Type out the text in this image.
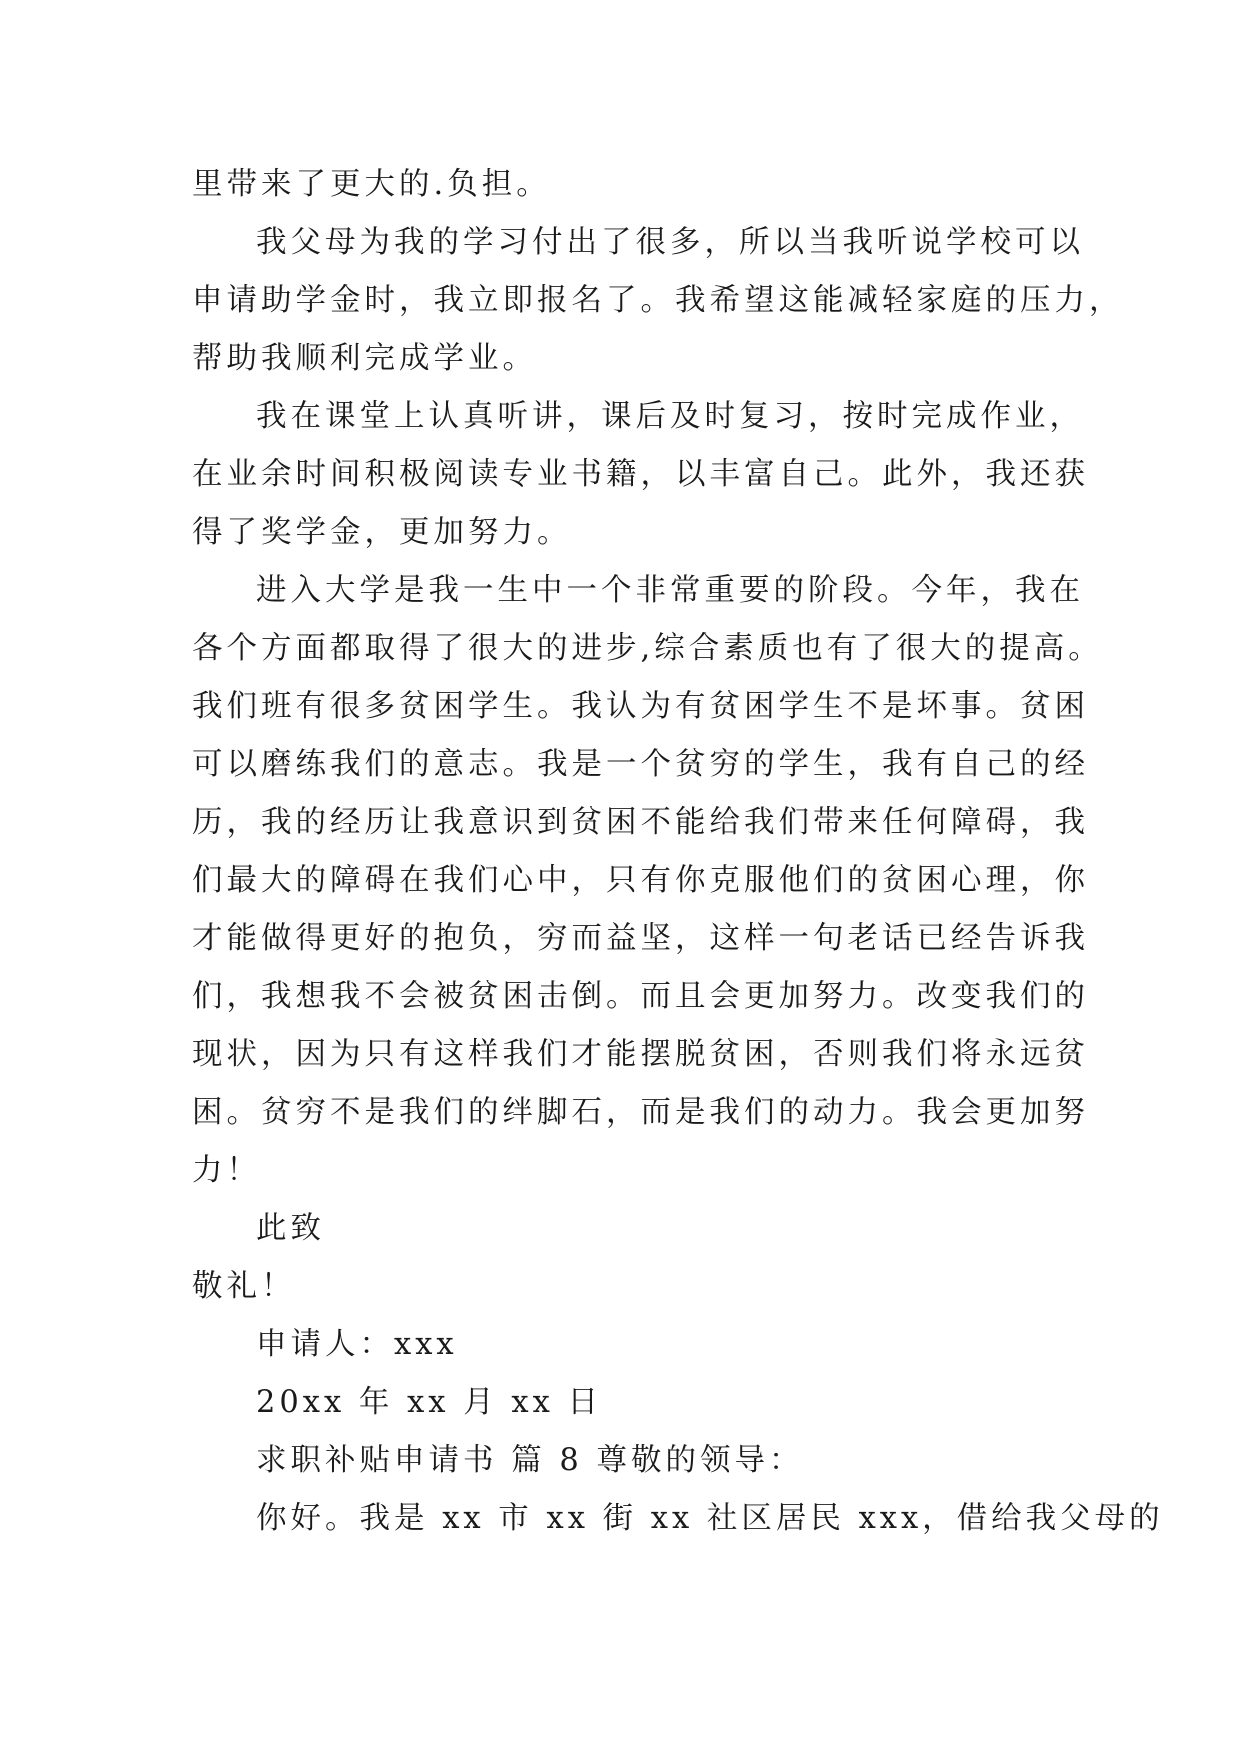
里带来了更大的.负担。
我父母为我的学习付出了很多，所以当我听说学校可以
申请助学金时，我立即报名了。我希望这能减轻家庭的压力，
帮助我顺利完成学业。
我在课堂上认真听讲，课后及时复习，按时完成作业，
在业余时间积极阅读专业书籍，以丰富自己。此外，我还获
得了奖学金，更加努力。
进入大学是我一生中一个非常重要的阶段。今年，我在
各个方面都取得了很大的进步,综合素质也有了很大的提高。
我们班有很多贫困学生。我认为有贫困学生不是坏事。贫困
可以磨练我们的意志。我是一个贫穷的学生，我有自己的经
历，我的经历让我意识到贫困不能给我们带来任何障碍，我
们最大的障碍在我们心中，只有你克服他们的贫困心理，你
才能做得更好的抱负，穷而益坚，这样一句老话已经告诉我
们，我想我不会被贫困击倒。而且会更加努力。改变我们的
现状，因为只有这样我们才能摆脱贫困，否则我们将永远贫
困。贫穷不是我们的绊脚石，而是我们的动力。我会更加努
力！
此致
敬礼！
申请人：xxx
20xx 年 xx 月 xx 日
求职补贴申请书 篇 8 尊敬的领导：
你好。我是 xx 市 xx 街 xx 社区居民 xxx，借给我父母的
